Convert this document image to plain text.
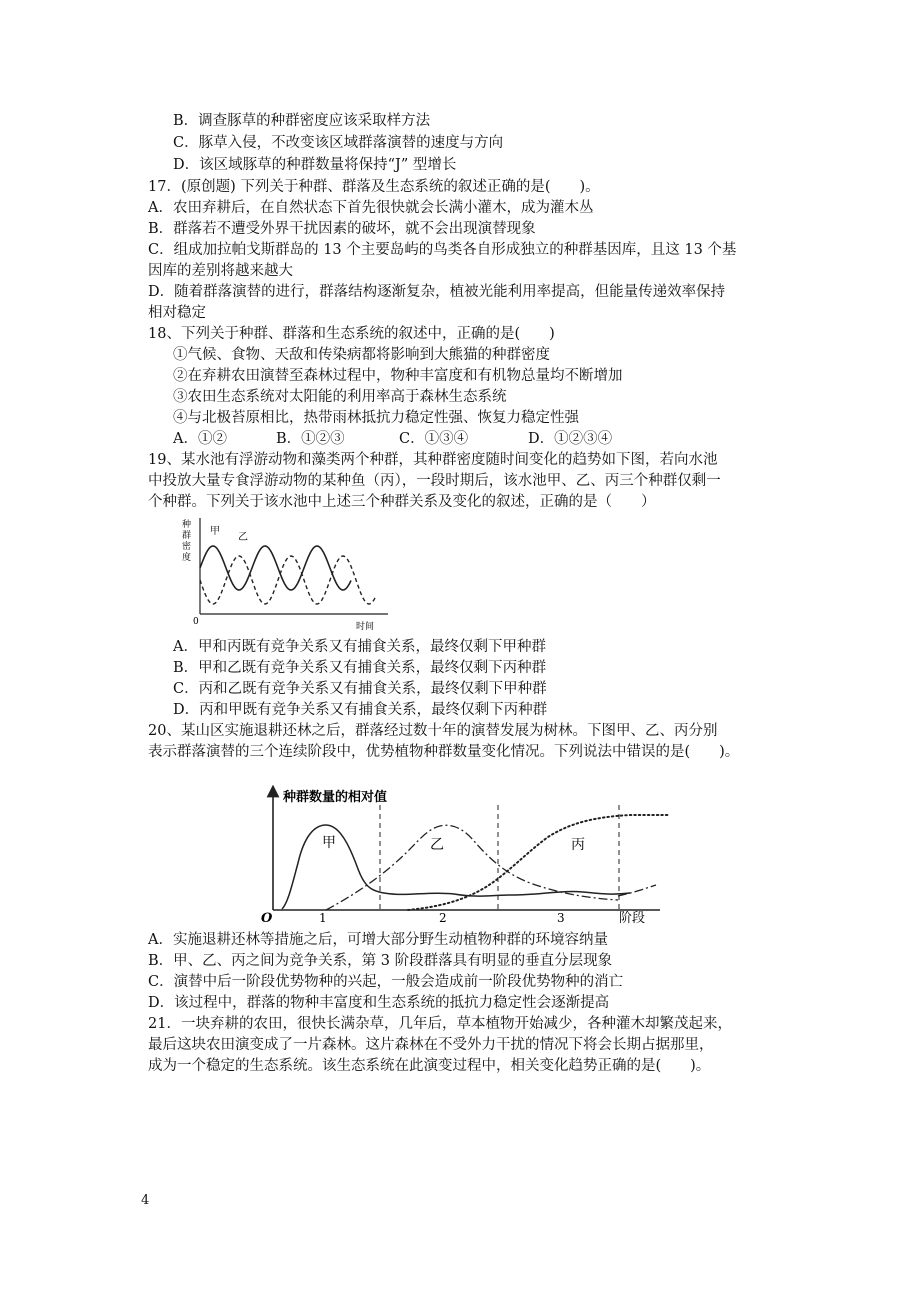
B．调查豚草的种群密度应该采取样方法
C．豚草入侵，不改变该区域群落演替的速度与方向
D．该区域豚草的种群数量将保持“J” 型增长
17．(原创题) 下列关于种群、群落及生态系统的叙述正确的是(　　)。
A．农田弃耕后，在自然状态下首先很快就会长满小灌木，成为灌木丛
B．群落若不遭受外界干扰因素的破坏，就不会出现演替现象
C．组成加拉帕戈斯群岛的 13 个主要岛屿的鸟类各自形成独立的种群基因库，且这 13 个基
因库的差别将越来越大
D．随着群落演替的进行，群落结构逐渐复杂，植被光能利用率提高，但能量传递效率保持
相对稳定
18、下列关于种群、群落和生态系统的叙述中，正确的是(　　)
①气候、食物、天敌和传染病都将影响到大熊猫的种群密度
②在弃耕农田演替至森林过程中，物种丰富度和有机物总量均不断增加
③农田生态系统对太阳能的利用率高于森林生态系统
④与北极苔原相比，热带雨林抵抗力稳定性强、恢复力稳定性强
A．①②	B．①②③	C．①③④	D．①②③④
19、某水池有浮游动物和藻类两个种群，其种群密度随时间变化的趋势如下图，若向水池
中投放大量专食浮游动物的某种鱼（丙），一段时期后，该水池甲、乙、丙三个种群仅剩一
个种群。下列关于该水池中上述三个种群关系及变化的叙述，正确的是（　　）
种
群
密
度
0	时间
甲
乙
A．甲和丙既有竞争关系又有捕食关系，最终仅剩下甲种群
B．甲和乙既有竞争关系又有捕食关系，最终仅剩下丙种群
C．丙和乙既有竞争关系又有捕食关系，最终仅剩下甲种群
D．丙和甲既有竞争关系又有捕食关系，最终仅剩下丙种群
20、某山区实施退耕还林之后，群落经过数十年的演替发展为树林。下图甲、乙、丙分别
表示群落演替的三个连续阶段中，优势植物种群数量变化情况。下列说法中错误的是(　　)。
种群数量的相对值
O	1	2	3	阶段
甲	乙	丙
A．实施退耕还林等措施之后，可增大部分野生动植物种群的环境容纳量
B．甲、乙、丙之间为竞争关系，第 3 阶段群落具有明显的垂直分层现象
C．演替中后一阶段优势物种的兴起，一般会造成前一阶段优势物种的消亡
D．该过程中，群落的物种丰富度和生态系统的抵抗力稳定性会逐渐提高
21．一块弃耕的农田，很快长满杂草，几年后，草本植物开始减少，各种灌木却繁茂起来，
最后这块农田演变成了一片森林。这片森林在不受外力干扰的情况下将会长期占据那里，
成为一个稳定的生态系统。该生态系统在此演变过程中，相关变化趋势正确的是(　　)。
4
